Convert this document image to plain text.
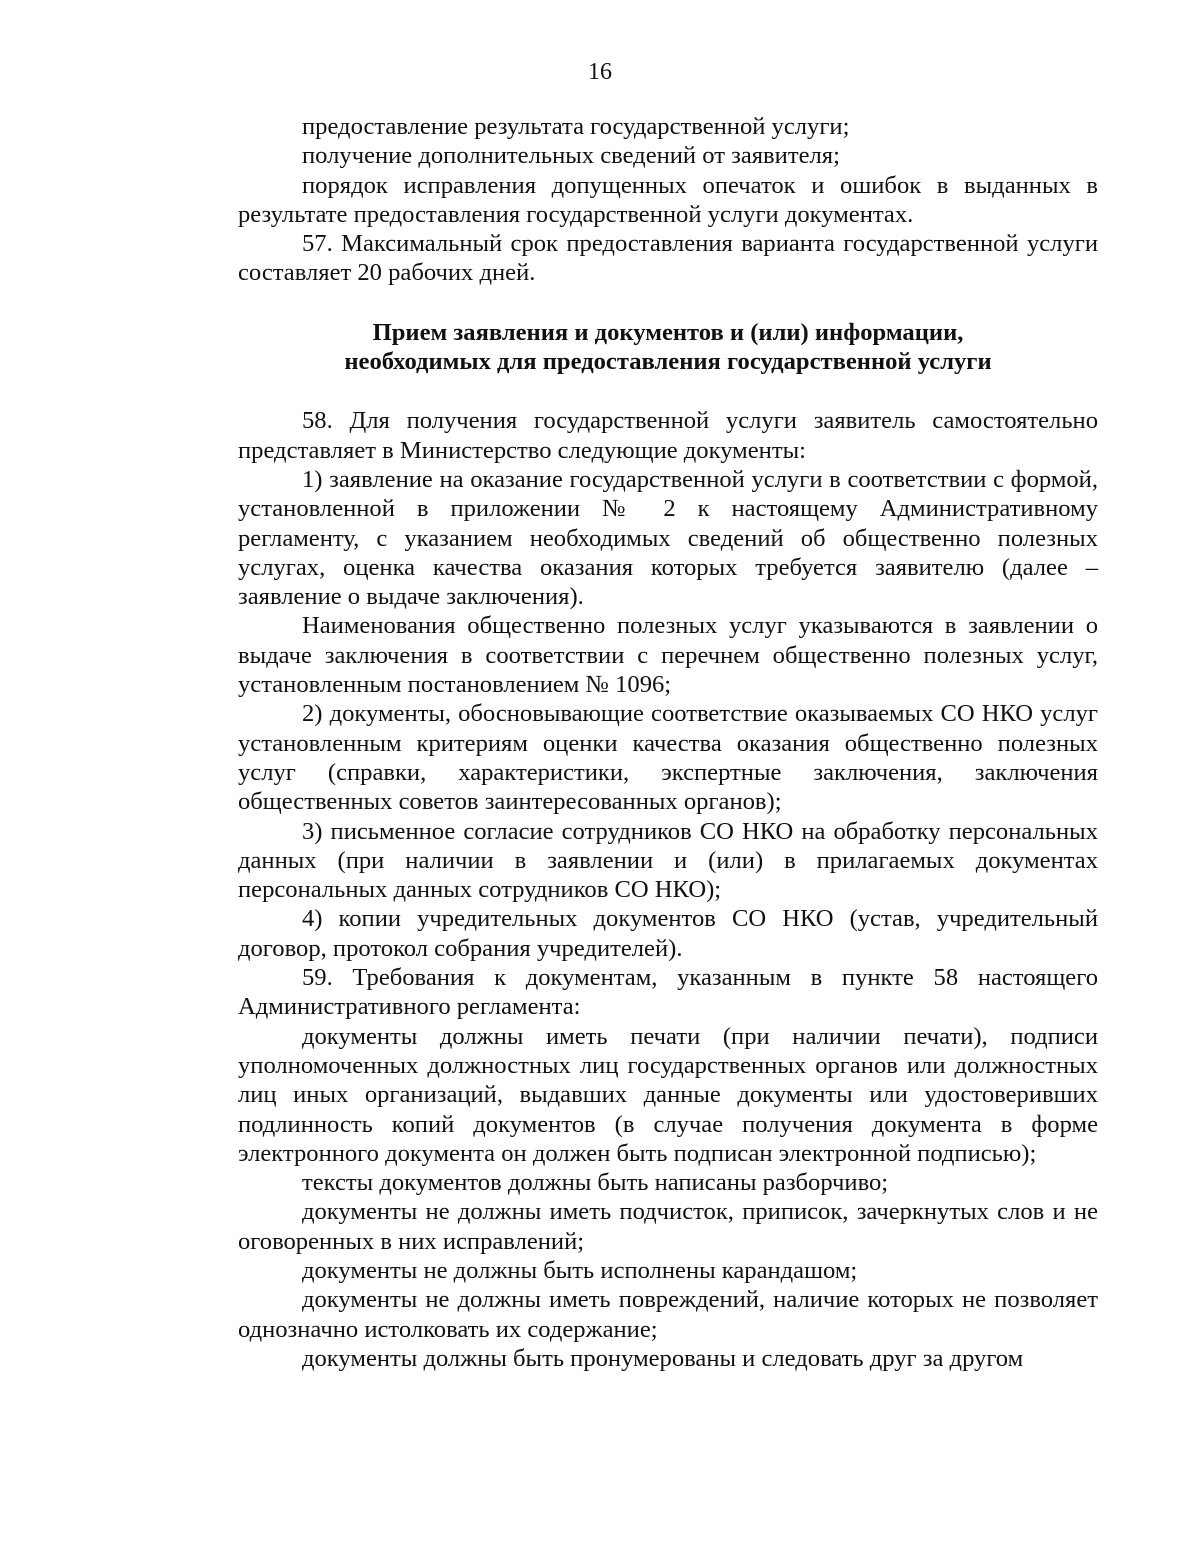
16

предоставление результата государственной услуги;

получение дополнительных сведений от заявителя;

порядок исправления допущенных опечаток и ошибок в выданных в результате предоставления государственной услуги документах.

57. Максимальный срок предоставления варианта государственной услуги составляет 20 рабочих дней.

Прием заявления и документов и (или) информации,
необходимых для предоставления государственной услуги

58. Для получения государственной услуги заявитель самостоятельно представляет в Министерство следующие документы:

1) заявление на оказание государственной услуги в соответствии с формой, установленной в приложении № 2 к настоящему Административному регламенту, с указанием необходимых сведений об общественно полезных услугах, оценка качества оказания которых требуется заявителю (далее – заявление о выдаче заключения).

Наименования общественно полезных услуг указываются в заявлении о выдаче заключения в соответствии с перечнем общественно полезных услуг, установленным постановлением № 1096;

2) документы, обосновывающие соответствие оказываемых СО НКО услуг установленным критериям оценки качества оказания общественно полезных услуг (справки, характеристики, экспертные заключения, заключения общественных советов заинтересованных органов);

3) письменное согласие сотрудников СО НКО на обработку персональных данных (при наличии в заявлении и (или) в прилагаемых документах персональных данных сотрудников СО НКО);

4) копии учредительных документов СО НКО (устав, учредительный договор, протокол собрания учредителей).

59. Требования к документам, указанным в пункте 58 настоящего Административного регламента:

документы должны иметь печати (при наличии печати), подписи уполномоченных должностных лиц государственных органов или должностных лиц иных организаций, выдавших данные документы или удостоверивших подлинность копий документов (в случае получения документа в форме электронного документа он должен быть подписан электронной подписью);

тексты документов должны быть написаны разборчиво;

документы не должны иметь подчисток, приписок, зачеркнутых слов и не оговоренных в них исправлений;

документы не должны быть исполнены карандашом;

документы не должны иметь повреждений, наличие которых не позволяет однозначно истолковать их содержание;

документы должны быть пронумерованы и следовать друг за другом
